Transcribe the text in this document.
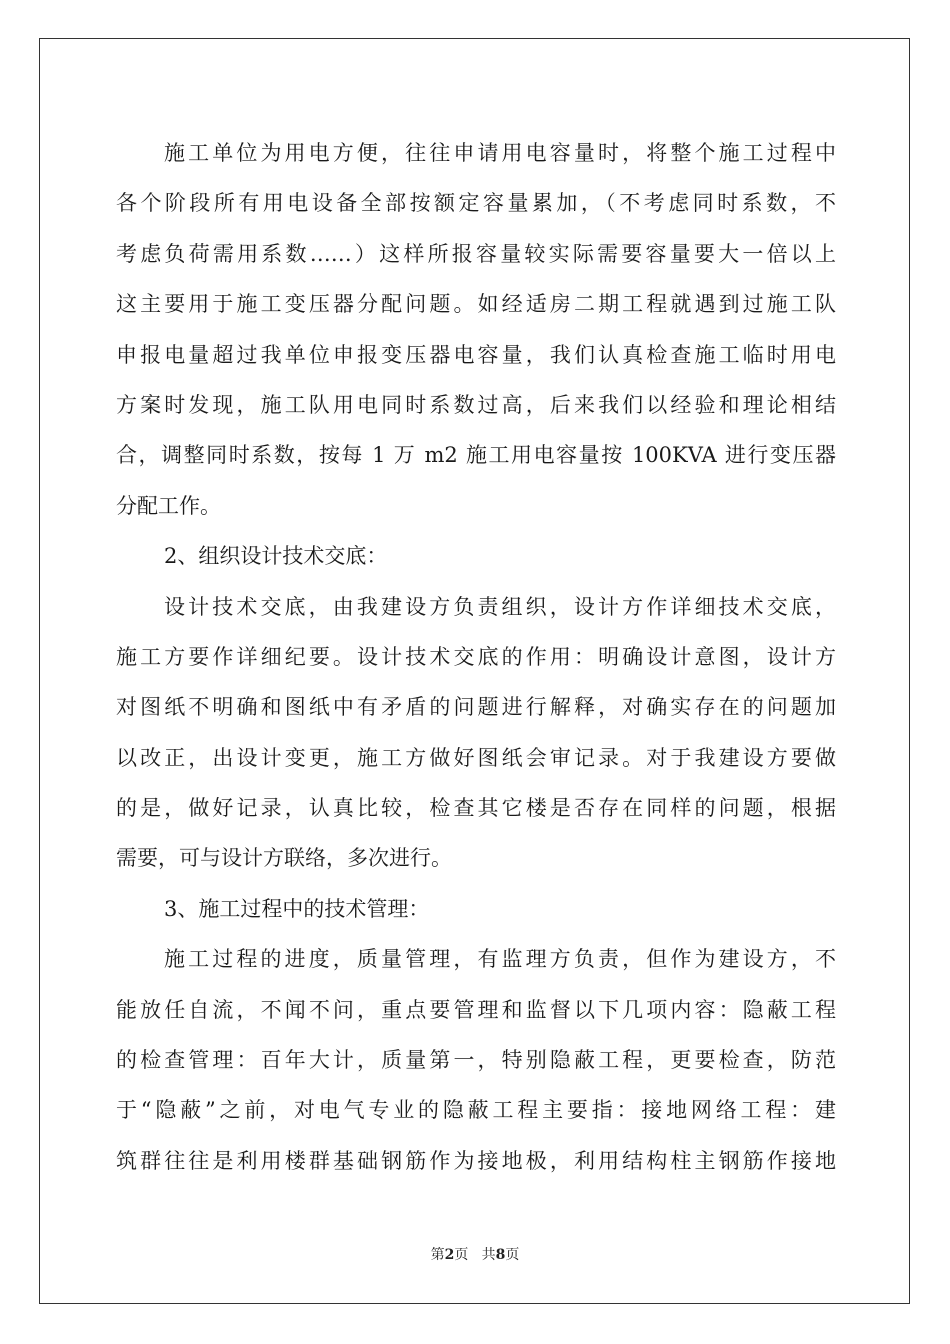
施工单位为用电方便，往往申请用电容量时，将整个施工过程中
各个阶段所有用电设备全部按额定容量累加，（不考虑同时系数，不
考虑负荷需用系数……）这样所报容量较实际需要容量要大一倍以上
这主要用于施工变压器分配问题。如经适房二期工程就遇到过施工队
申报电量超过我单位申报变压器电容量，我们认真检查施工临时用电
方案时发现，施工队用电同时系数过高，后来我们以经验和理论相结
合，调整同时系数，按每 1 万 m2 施工用电容量按 100KVA 进行变压器
分配工作。
2、组织设计技术交底：
设计技术交底，由我建设方负责组织，设计方作详细技术交底，
施工方要作详细纪要。设计技术交底的作用：明确设计意图，设计方
对图纸不明确和图纸中有矛盾的问题进行解释，对确实存在的问题加
以改正，出设计变更，施工方做好图纸会审记录。对于我建设方要做
的是，做好记录，认真比较，检查其它楼是否存在同样的问题，根据
需要，可与设计方联络，多次进行。
3、施工过程中的技术管理：
施工过程的进度，质量管理，有监理方负责，但作为建设方，不
能放任自流，不闻不问，重点要管理和监督以下几项内容：隐蔽工程
的检查管理：百年大计，质量第一，特别隐蔽工程，更要检查，防范
于“隐蔽”之前，对电气专业的隐蔽工程主要指：接地网络工程：建
筑群往往是利用楼群基础钢筋作为接地极，利用结构柱主钢筋作接地
第2页 共8页
